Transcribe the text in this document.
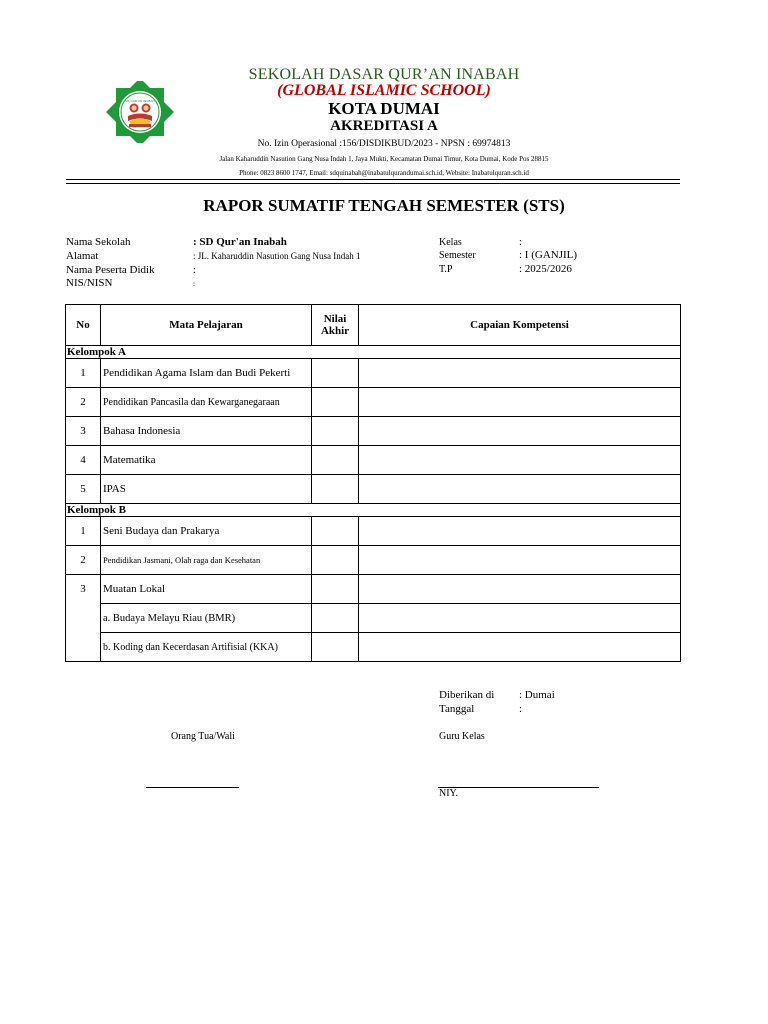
SD QUR'AN INABAH
SEKOLAH DASAR QUR’AN INABAH
(GLOBAL ISLAMIC SCHOOL)
KOTA DUMAI
AKREDITASI A
No. Izin Operasional :156/DISDIKBUD/2023 - NPSN : 69974813
Jalan Kaharuddin Nasution Gang Nusa Indah 1, Jaya Mukti, Kecamatan Dumai Timur, Kota Dumai, Kode Pos 28815
Phone: 0823 8600 1747, Email: sdquinabah@inabatulqurandumai.sch.id, Website: Inabatulquran.sch.id
RAPOR SUMATIF TENGAH SEMESTER (STS)
Nama Sekolah	: SD Qur'an Inabah
Alamat	: JL. Kaharuddin Nasution Gang Nusa Indah 1
Nama Peserta Didik	:
NIS/NISN	:
Kelas	:
Semester	: I (GANJIL)
T.P	: 2025/2026
No	Mata Pelajaran	Nilai Akhir	Capaian Kompetensi
Kelompok A			
1	Pendidikan Agama Islam dan Budi Pekerti		
2	Pendidikan Pancasila dan Kewarganegaraan		
3	Bahasa Indonesia		
4	Matematika		
5	IPAS		
Kelompok B			
1	Seni Budaya dan Prakarya		
2	Pendidikan Jasmani, Olah raga dan Kesehatan		
3	Muatan Lokal		
	a. Budaya Melayu Riau (BMR)		
	b. Koding dan Kecerdasan Artifisial (KKA)		
Diberikan di : Dumai
Tanggal	:
Orang Tua/Wali	Guru Kelas
NIY.
